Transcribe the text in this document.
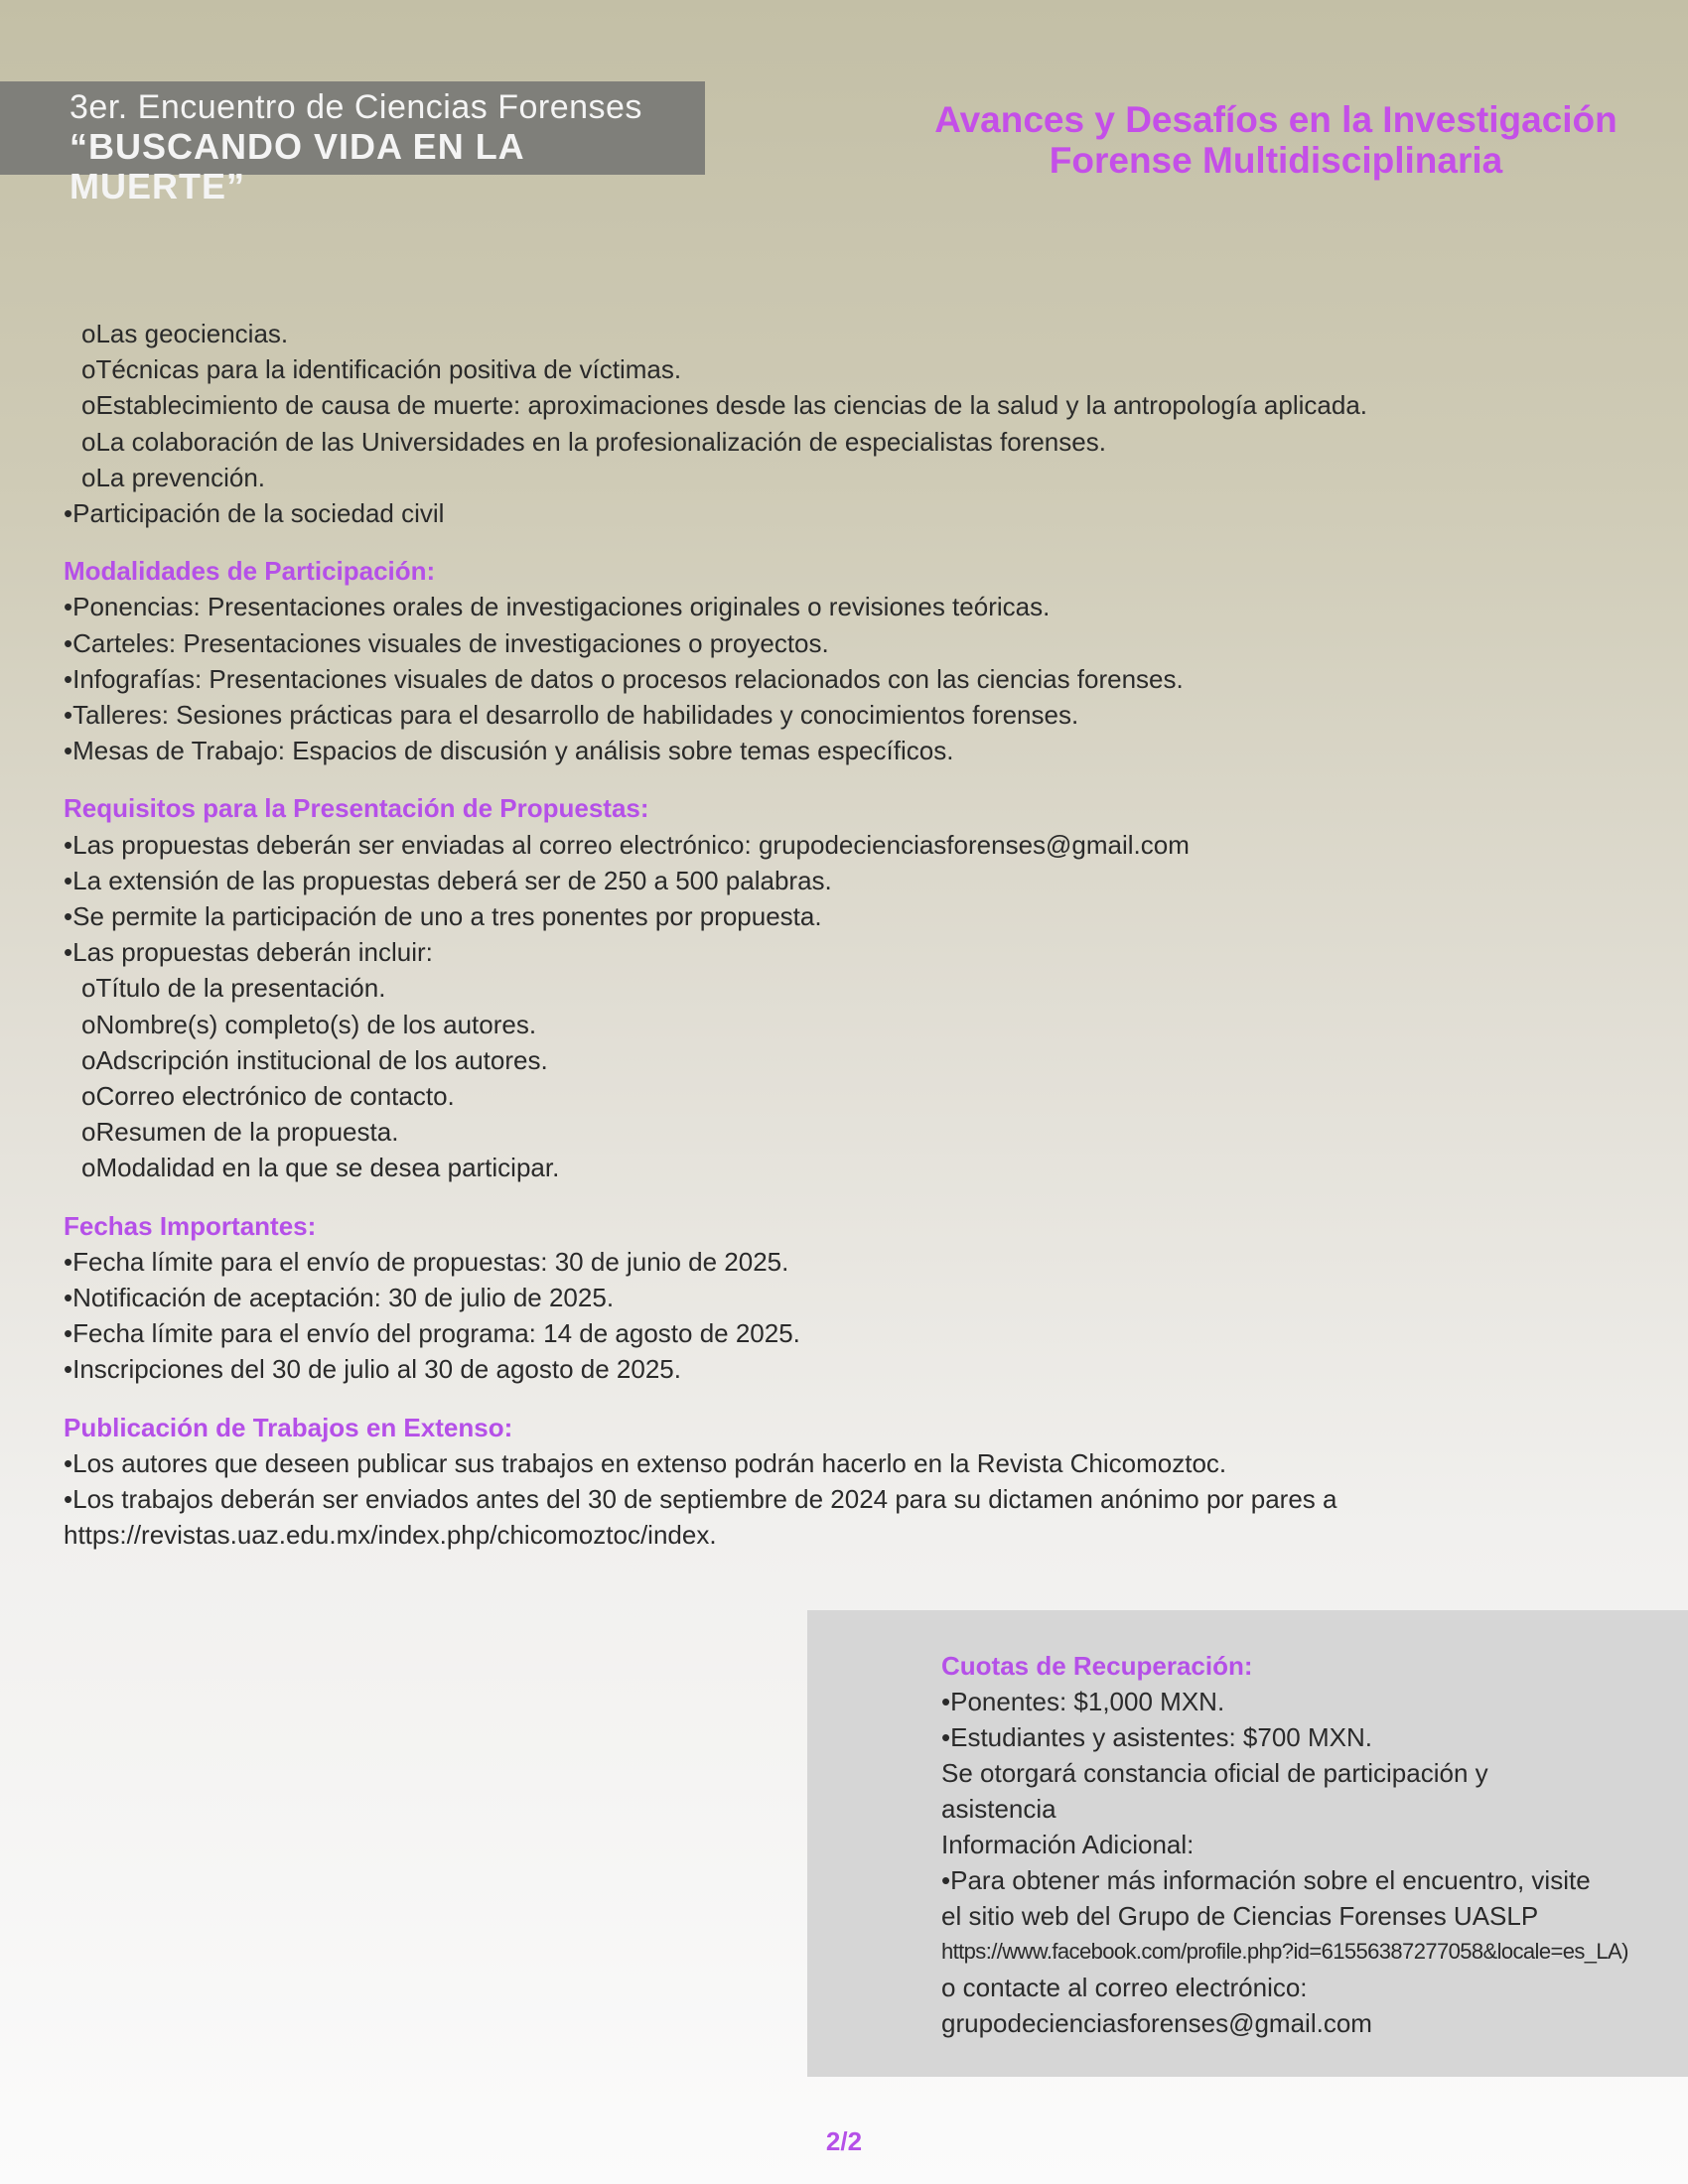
3er. Encuentro de Ciencias Forenses
“BUSCANDO VIDA EN LA MUERTE”
Avances y Desafíos en la Investigación
Forense Multidisciplinaria
oLas geociencias.
oTécnicas para la identificación positiva de víctimas.
oEstablecimiento de causa de muerte: aproximaciones desde las ciencias de la salud y la antropología aplicada.
oLa colaboración de las Universidades en la profesionalización de especialistas forenses.
oLa prevención.
•Participación de la sociedad civil
Modalidades de Participación:
•Ponencias: Presentaciones orales de investigaciones originales o revisiones teóricas.
•Carteles: Presentaciones visuales de investigaciones o proyectos.
•Infografías: Presentaciones visuales de datos o procesos relacionados con las ciencias forenses.
•Talleres: Sesiones prácticas para el desarrollo de habilidades y conocimientos forenses.
•Mesas de Trabajo: Espacios de discusión y análisis sobre temas específicos.
Requisitos para la Presentación de Propuestas:
•Las propuestas deberán ser enviadas al correo electrónico: grupodecienciasforenses@gmail.com
•La extensión de las propuestas deberá ser de 250 a 500 palabras.
•Se permite la participación de uno a tres ponentes por propuesta.
•Las propuestas deberán incluir:
oTítulo de la presentación.
oNombre(s) completo(s) de los autores.
oAdscripción institucional de los autores.
oCorreo electrónico de contacto.
oResumen de la propuesta.
oModalidad en la que se desea participar.
Fechas Importantes:
•Fecha límite para el envío de propuestas: 30 de junio de 2025.
•Notificación de aceptación: 30 de julio de 2025.
•Fecha límite para el envío del programa: 14 de agosto de 2025.
•Inscripciones del 30 de julio al 30 de agosto de 2025.
Publicación de Trabajos en Extenso:
•Los autores que deseen publicar sus trabajos en extenso podrán hacerlo en la Revista Chicomoztoc.
•Los trabajos deberán ser enviados antes del 30 de septiembre de 2024 para su dictamen anónimo por pares a
https://revistas.uaz.edu.mx/index.php/chicomoztoc/index.
Cuotas de Recuperación:
•Ponentes: $1,000 MXN.
•Estudiantes y asistentes: $700 MXN.
Se otorgará constancia oficial de participación y
asistencia
Información Adicional:
•Para obtener más información sobre el encuentro, visite
el sitio web del Grupo de Ciencias Forenses UASLP
https://www.facebook.com/profile.php?id=61556387277058&locale=es_LA)
o contacte al correo electrónico:
grupodecienciasforenses@gmail.com
2/2
